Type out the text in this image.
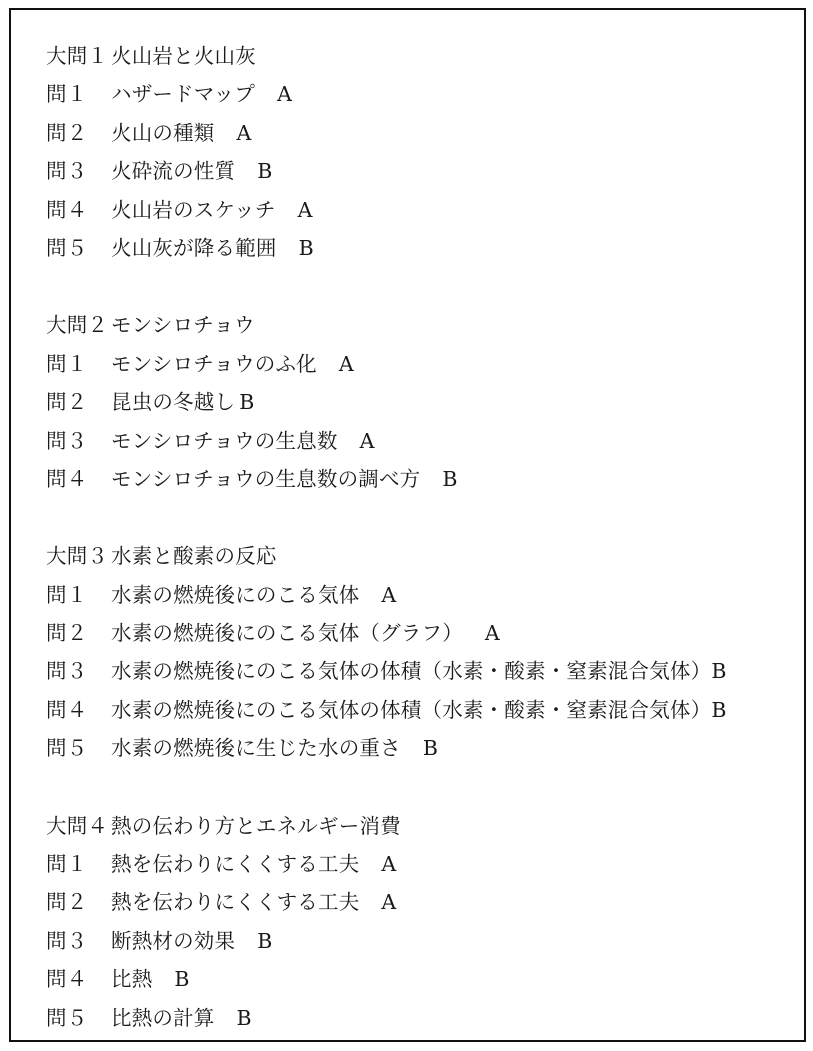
大問１ 火山岩と火山灰
問１ ハザードマップ A
問２ 火山の種類 A
問３ 火砕流の性質 B
問４ 火山岩のスケッチ A
問５ 火山灰が降る範囲 B
大問２ モンシロチョウ
問１ モンシロチョウのふ化 A
問２ 昆虫の冬越し B
問３ モンシロチョウの生息数 A
問４ モンシロチョウの生息数の調べ方 B
大問３ 水素と酸素の反応
問１ 水素の燃焼後にのこる気体 A
問２ 水素の燃焼後にのこる気体（グラフ） A
問３ 水素の燃焼後にのこる気体の体積（水素・酸素・窒素混合気体）B
問４ 水素の燃焼後にのこる気体の体積（水素・酸素・窒素混合気体）B
問５ 水素の燃焼後に生じた水の重さ B
大問４ 熱の伝わり方とエネルギー消費
問１ 熱を伝わりにくくする工夫 A
問２ 熱を伝わりにくくする工夫 A
問３ 断熱材の効果 B
問４ 比熱 B
問５ 比熱の計算 B
